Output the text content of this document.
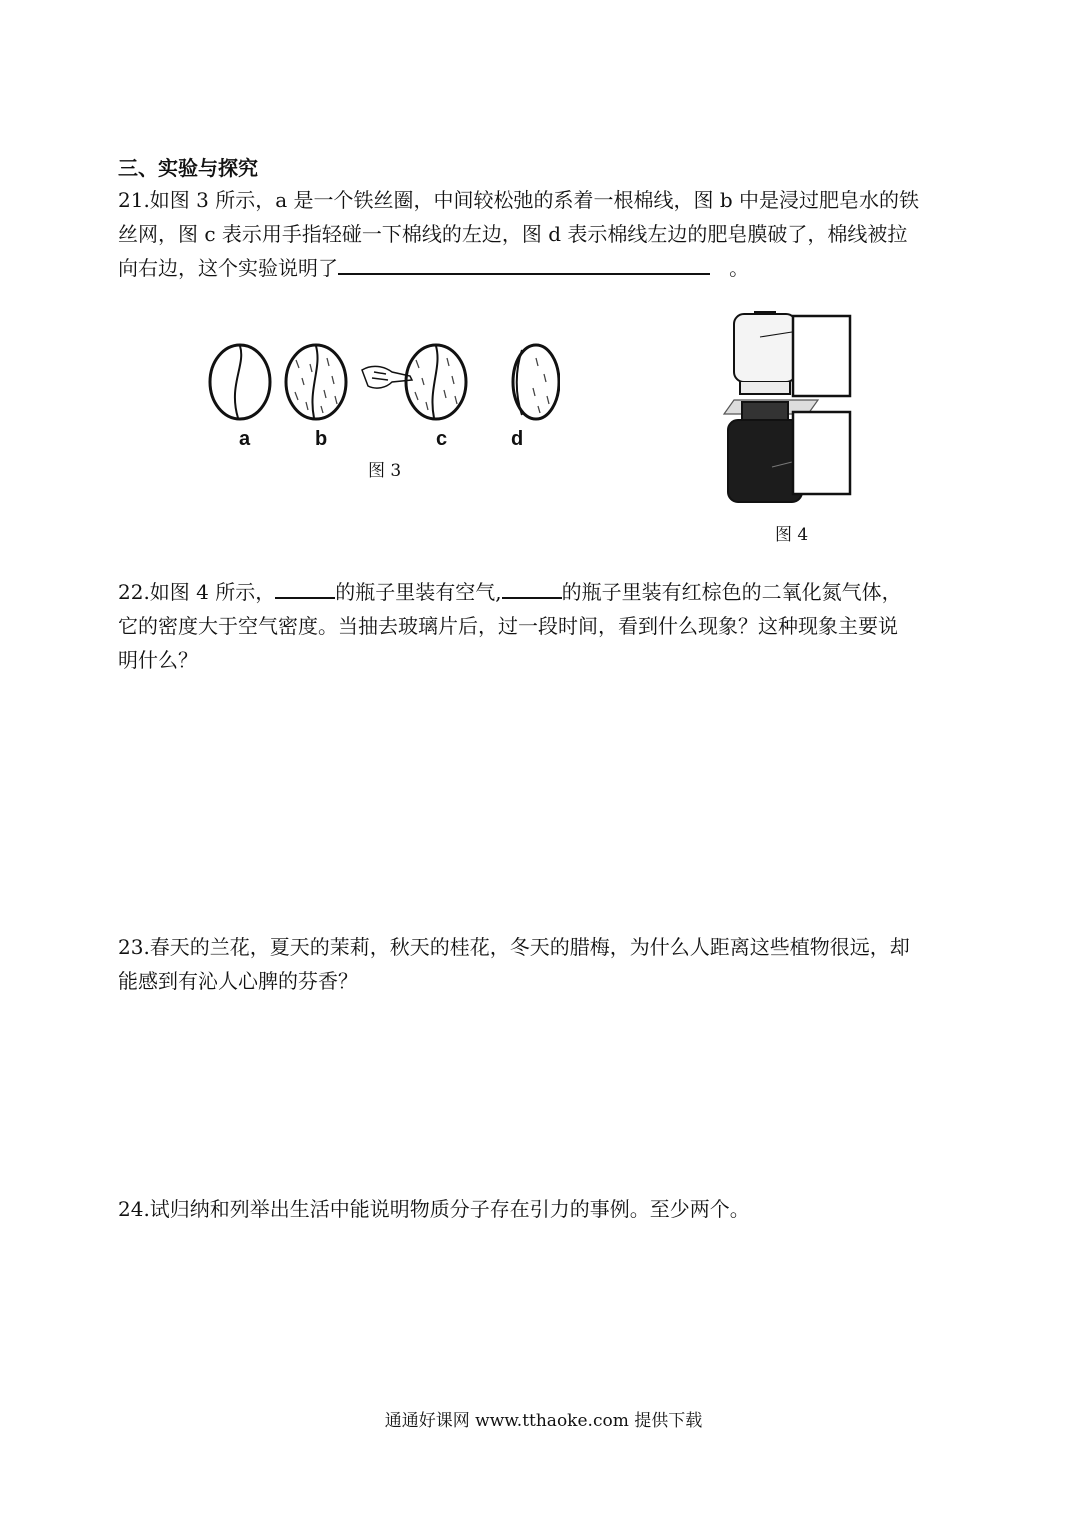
三、实验与探究
21.如图 3 所示，a 是一个铁丝圈，中间较松弛的系着一根棉线，图 b 中是浸过肥皂水的铁
丝网，图 c 表示用手指轻碰一下棉线的左边，图 d 表示棉线左边的肥皂膜破了，棉线被拉
向右边，这个实验说明了	。
a	b	c	d
图 3
图 4
22.如图 4 所示，	的瓶子里装有空气,	的瓶子里装有红棕色的二氧化氮气体，
它的密度大于空气密度。当抽去玻璃片后，过一段时间，看到什么现象？这种现象主要说
明什么？
23.春天的兰花，夏天的茉莉，秋天的桂花，冬天的腊梅，为什么人距离这些植物很远，却
能感到有沁人心脾的芬香？
24.试归纳和列举出生活中能说明物质分子存在引力的事例。至少两个。
通通好课网 www.tthaoke.com 提供下载
